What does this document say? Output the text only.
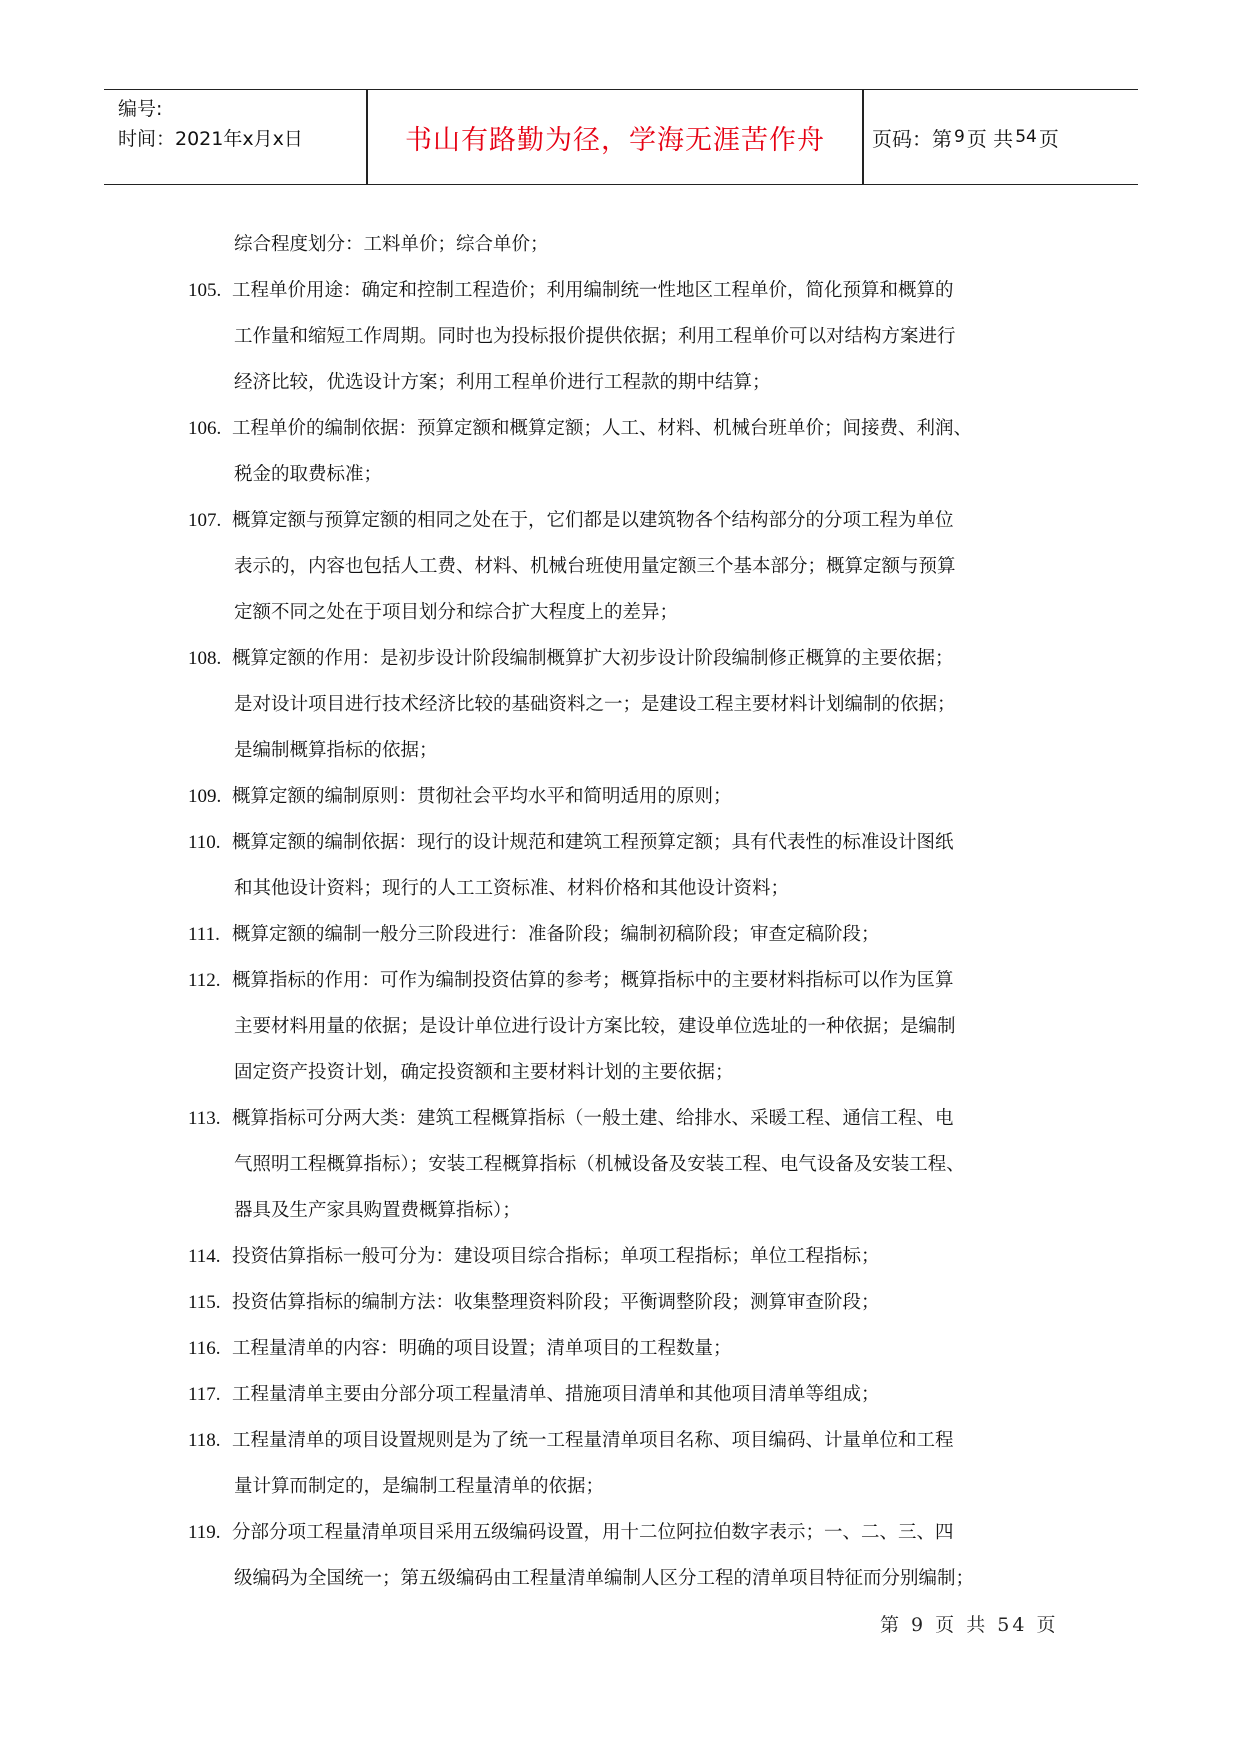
编号:
时间：2021年x月x日	书山有路勤为径，学海无涯苦作舟	页码：第 9 页 共 54 页
综合程度划分：工料单价；综合单价；
105. 工程单价用途：确定和控制工程造价；利用编制统一性地区工程单价，简化预算和概算的
工作量和缩短工作周期。同时也为投标报价提供依据；利用工程单价可以对结构方案进行
经济比较，优选设计方案；利用工程单价进行工程款的期中结算；
106. 工程单价的编制依据：预算定额和概算定额；人工、材料、机械台班单价；间接费、利润、
税金的取费标准；
107. 概算定额与预算定额的相同之处在于，它们都是以建筑物各个结构部分的分项工程为单位
表示的，内容也包括人工费、材料、机械台班使用量定额三个基本部分；概算定额与预算
定额不同之处在于项目划分和综合扩大程度上的差异；
108. 概算定额的作用：是初步设计阶段编制概算扩大初步设计阶段编制修正概算的主要依据；
是对设计项目进行技术经济比较的基础资料之一；是建设工程主要材料计划编制的依据；
是编制概算指标的依据；
109. 概算定额的编制原则：贯彻社会平均水平和简明适用的原则；
110. 概算定额的编制依据：现行的设计规范和建筑工程预算定额；具有代表性的标准设计图纸
和其他设计资料；现行的人工工资标准、材料价格和其他设计资料；
111. 概算定额的编制一般分三阶段进行：准备阶段；编制初稿阶段；审查定稿阶段；
112. 概算指标的作用：可作为编制投资估算的参考；概算指标中的主要材料指标可以作为匡算
主要材料用量的依据；是设计单位进行设计方案比较，建设单位选址的一种依据；是编制
固定资产投资计划，确定投资额和主要材料计划的主要依据；
113. 概算指标可分两大类：建筑工程概算指标（一般土建、给排水、采暖工程、通信工程、电
气照明工程概算指标）；安装工程概算指标（机械设备及安装工程、电气设备及安装工程、
器具及生产家具购置费概算指标）；
114. 投资估算指标一般可分为：建设项目综合指标；单项工程指标；单位工程指标；
115. 投资估算指标的编制方法：收集整理资料阶段；平衡调整阶段；测算审查阶段；
116. 工程量清单的内容：明确的项目设置；清单项目的工程数量；
117. 工程量清单主要由分部分项工程量清单、措施项目清单和其他项目清单等组成；
118. 工程量清单的项目设置规则是为了统一工程量清单项目名称、项目编码、计量单位和工程
量计算而制定的，是编制工程量清单的依据；
119. 分部分项工程量清单项目采用五级编码设置，用十二位阿拉伯数字表示；一、二、三、四
级编码为全国统一；第五级编码由工程量清单编制人区分工程的清单项目特征而分别编制；
第 9 页 共 54 页
